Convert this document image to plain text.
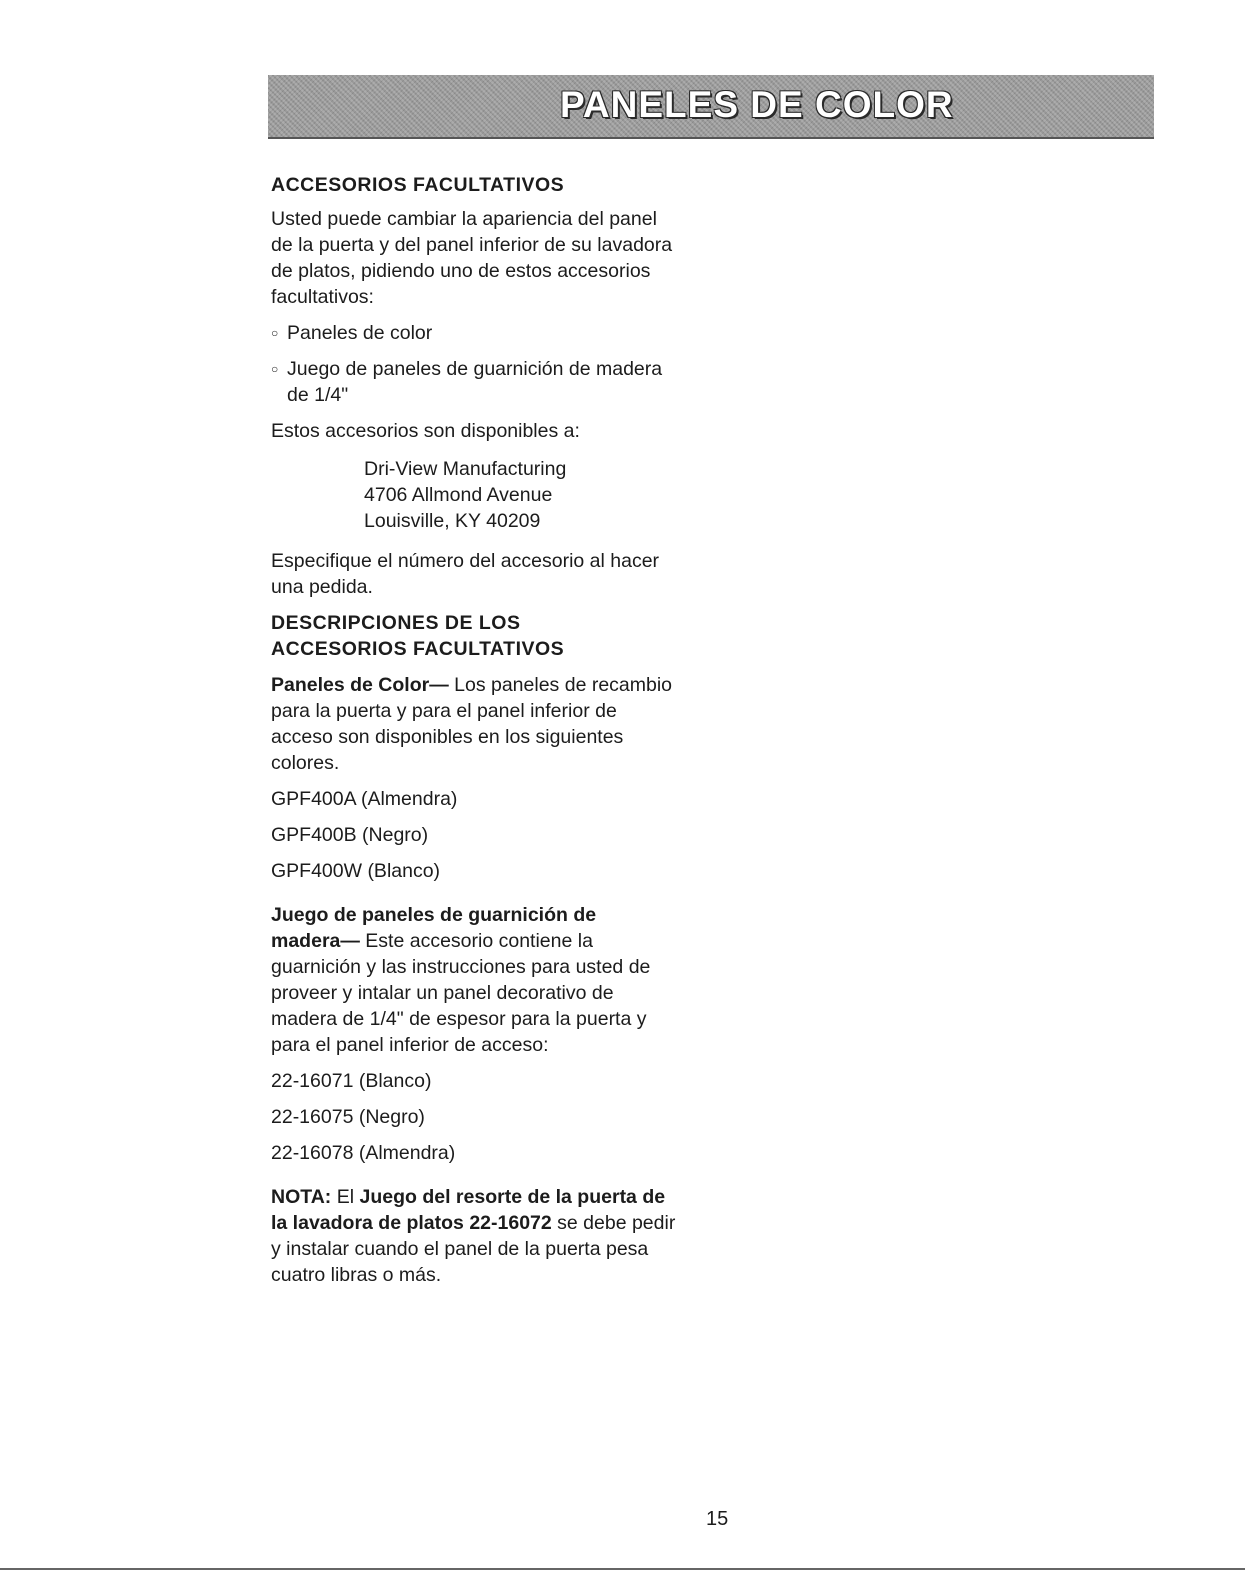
PANELES DE COLOR

ACCESORIOS FACULTATIVOS

Usted puede cambiar la apariencia del panel
de la puerta y del panel inferior de su lavadora
de platos, pidiendo uno de estos accesorios
facultativos:
○ Paneles de color
○ Juego de paneles de guarnición de madera
de 1/4"

Estos accesorios son disponibles a:

Dri-View Manufacturing
4706 Allmond Avenue
Louisville, KY 40209
Especifique el número del accesorio al hacer
una pedida.
DESCRIPCIONES DE LOS
ACCESORIOS FACULTATIVOS
Paneles de Color— Los paneles de recambio
para la puerta y para el panel inferior de
acceso son disponibles en los siguientes
colores.

GPF400A (Almendra)

GPF400B (Negro)

GPF400W (Blanco)

Juego de paneles de guarnición de
madera— Este accesorio contiene la
guarnición y las instrucciones para usted de
proveer y intalar un panel decorativo de
madera de 1/4" de espesor para la puerta y
para el panel inferior de acceso:

22-16071 (Blanco)

22-16075 (Negro)

22-16078 (Almendra)

NOTA: El Juego del resorte de la puerta de
la lavadora de platos 22-16072 se debe pedir
y instalar cuando el panel de la puerta pesa
cuatro libras o más.
15
